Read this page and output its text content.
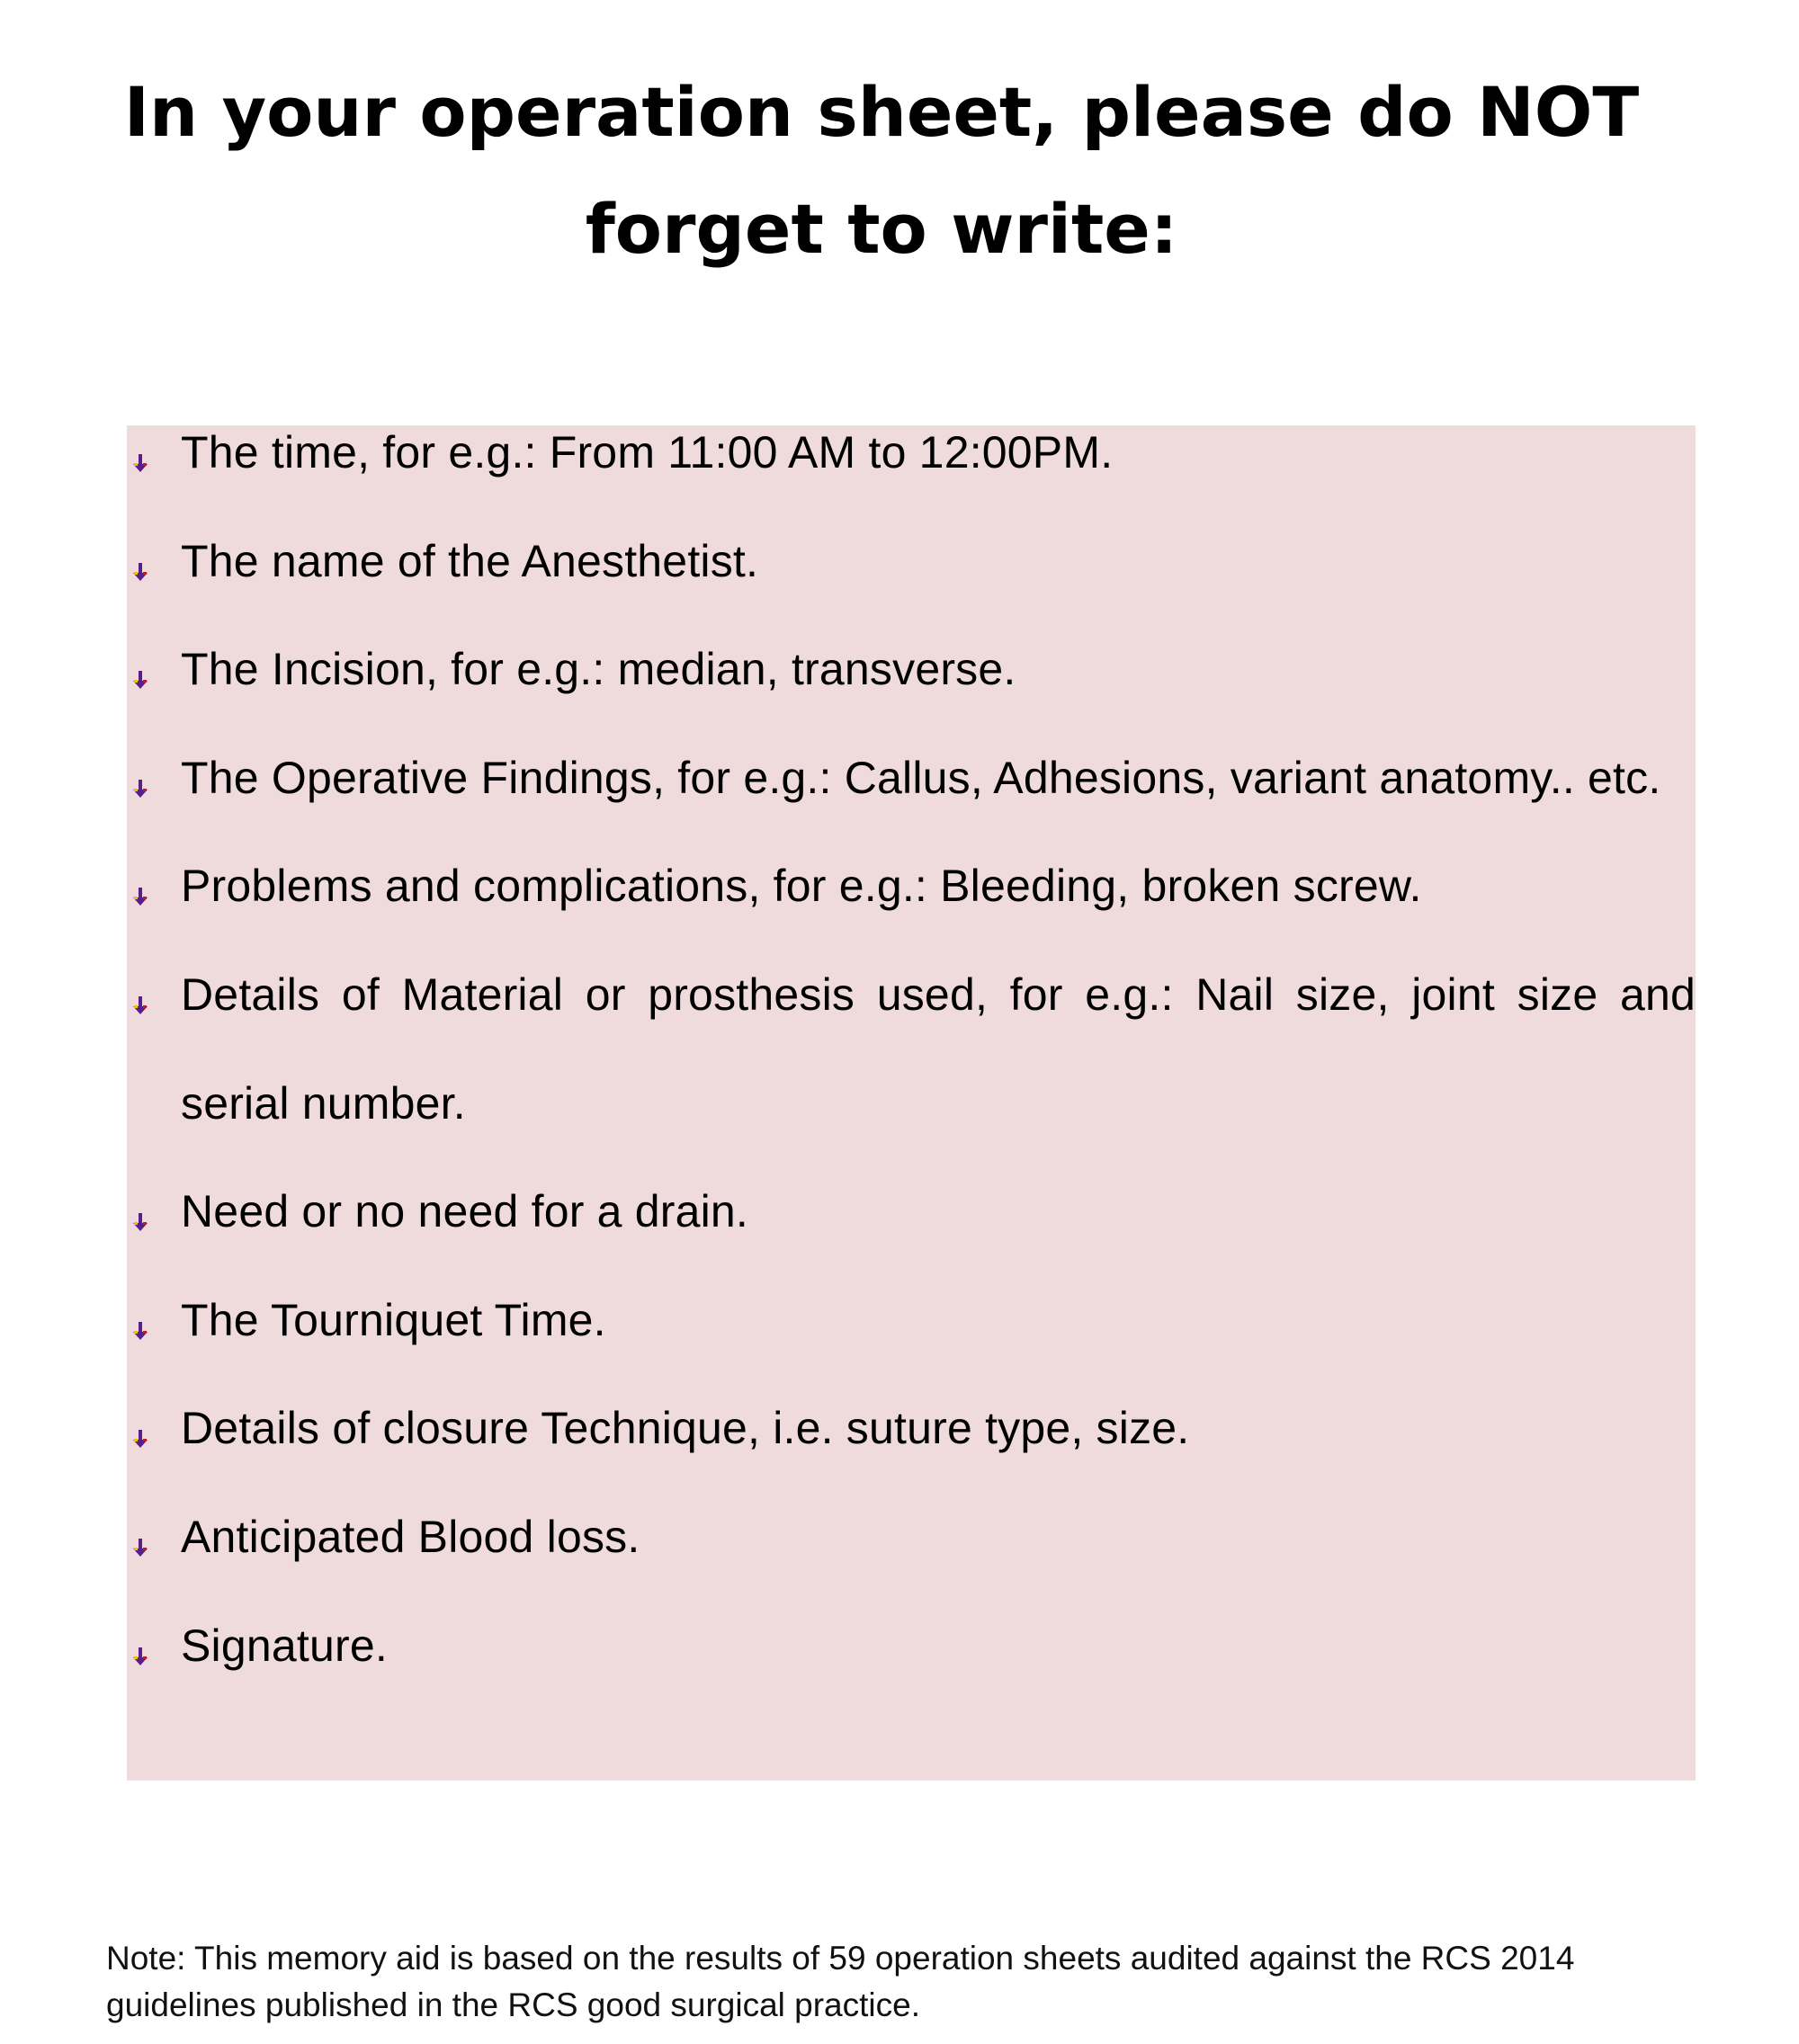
In your operation sheet, please do NOT forget to write:
The time, for e.g.: From 11:00 AM to 12:00PM.
The name of the Anesthetist.
The Incision, for e.g.: median, transverse.
The Operative Findings, for e.g.: Callus, Adhesions, variant anatomy.. etc.
Problems and complications, for e.g.: Bleeding, broken screw.
Details of Material or prosthesis used, for e.g.: Nail size, joint size and serial number.
Need or no need for a drain.
The Tourniquet Time.
Details of closure Technique, i.e. suture type, size.
Anticipated Blood loss.
Signature.

Note: This memory aid is based on the results of 59 operation sheets audited against the RCS 2014 guidelines published in the RCS good surgical practice.
